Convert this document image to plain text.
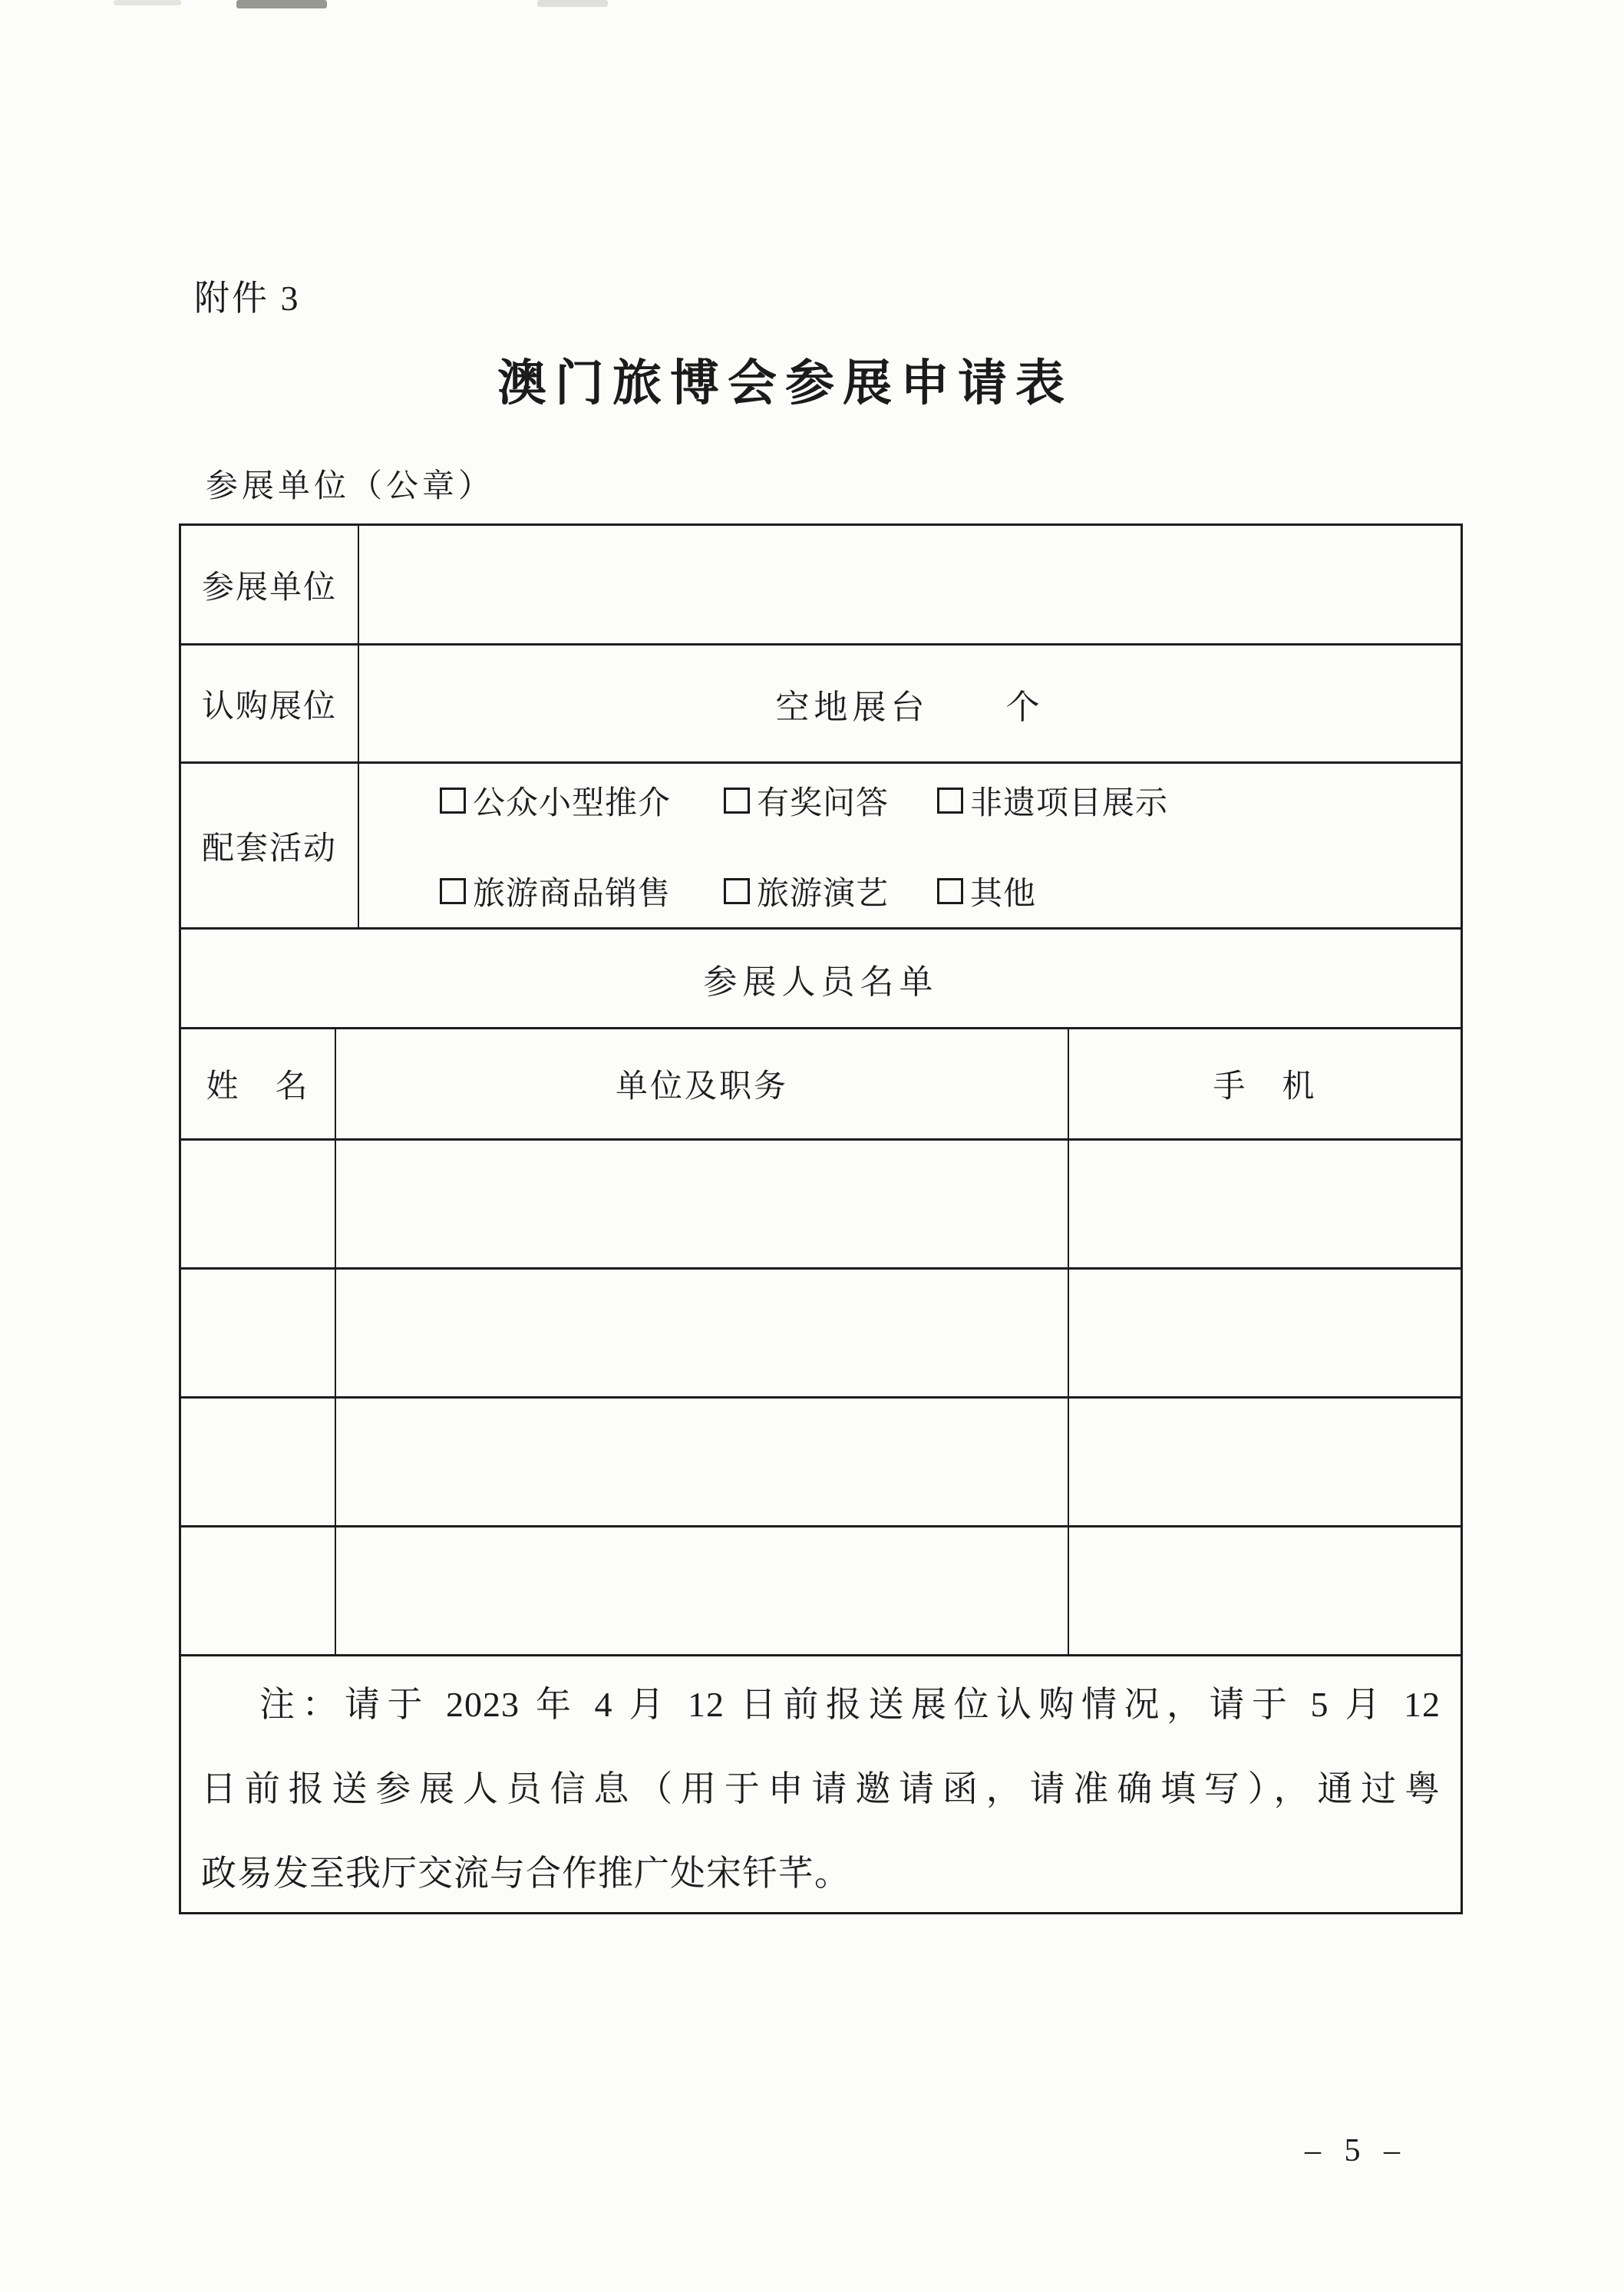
附件 3
澳门旅博会参展申请表
参展单位（公章）
参展单位
认购展位	空地展台　　个
配套活动
公众小型推介	有奖问答	非遗项目展示
旅游商品销售	旅游演艺	其他
参展人员名单
姓　名	单位及职务	手　机
注：请于 2023 年 4 月 12 日前报送展位认购情况，请于 5 月 12
日前报送参展人员信息（用于申请邀请函，请准确填写），通过粤
政易发至我厅交流与合作推广处宋钎芊。
– 5 –
